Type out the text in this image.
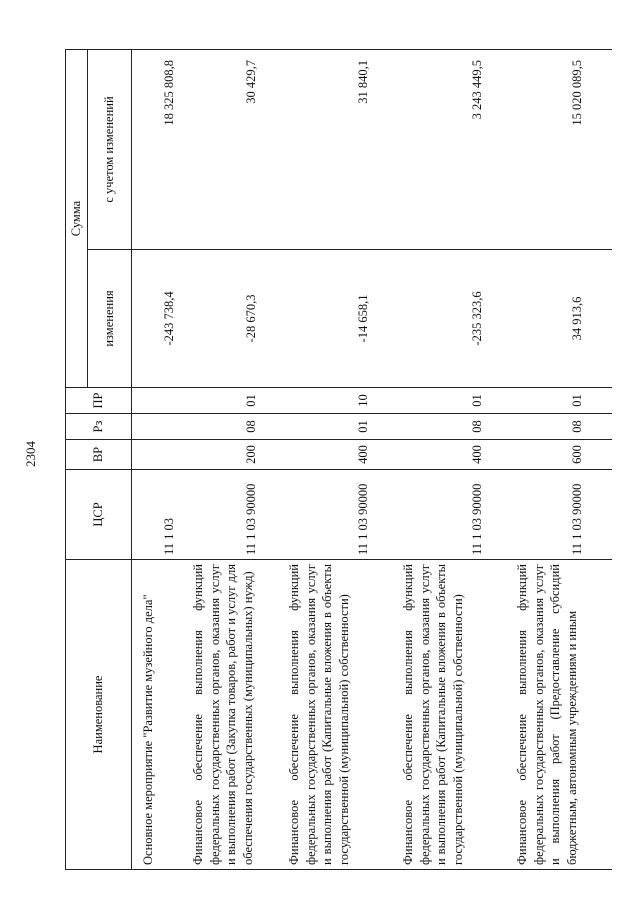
2304
Наименование	ЦСР	ВР	Рз	ПР	Сумма	
					изменения	с учетом изменений

Основное мероприятие "Развитие музейного дела"	11 1 03				-243 738,4	18 325 808,8
Финансовое обеспечение выполнения функций федеральных государственных органов, оказания услуг и выполнения работ (Закупка товаров, работ и услуг для обеспечения государственных (муниципальных) нужд)	11 1 03 90000	200	08	01	-28 670,3	30 429,7
Финансовое обеспечение выполнения функций федеральных государственных органов, оказания услуг и выполнения работ (Капитальные вложения в объекты государственной (муниципальной) собственности)	11 1 03 90000	400	01	10	-14 658,1	31 840,1
Финансовое обеспечение выполнения функций федеральных государственных органов, оказания услуг и выполнения работ (Капитальные вложения в объекты государственной (муниципальной) собственности)	11 1 03 90000	400	08	01	-235 323,6	3 243 449,5
Финансовое обеспечение выполнения функций федеральных государственных органов, оказания услуг и выполнения работ (Предоставление субсидий бюджетным, автономным учреждениям и иным	11 1 03 90000	600	08	01	34 913,6	15 020 089,5
